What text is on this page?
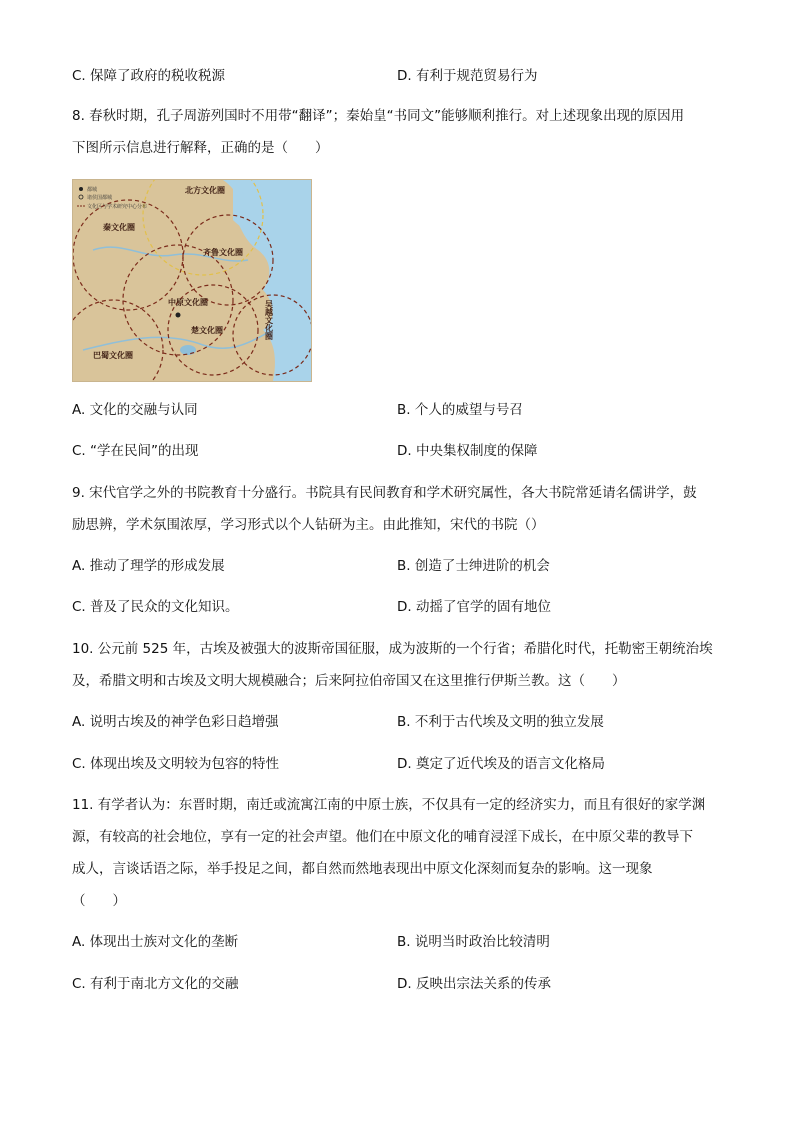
C. 保障了政府的税收税源	D. 有利于规范贸易行为
8. 春秋时期，孔子周游列国时不用带“翻译”；秦始皇“书同文”能够顺利推行。对上述现象出现的原因用
下图所示信息进行解释，正确的是（　　）
都城
诸侯国都城
文化区与学术研究中心分布
北方文化圈
秦文化圈
齐鲁文化圈
中原文化圈
楚文化圈
巴蜀文化圈
吴越文化圈
A. 文化的交融与认同	B. 个人的威望与号召
C. “学在民间”的出现	D. 中央集权制度的保障
9. 宋代官学之外的书院教育十分盛行。书院具有民间教育和学术研究属性，各大书院常延请名儒讲学，鼓
励思辨，学术氛围浓厚，学习形式以个人钻研为主。由此推知，宋代的书院（）
A. 推动了理学的形成发展	B. 创造了士绅进阶的机会
C. 普及了民众的文化知识。	D. 动摇了官学的固有地位
10. 公元前 525 年，古埃及被强大的波斯帝国征服，成为波斯的一个行省；希腊化时代，托勒密王朝统治埃
及，希腊文明和古埃及文明大规模融合；后来阿拉伯帝国又在这里推行伊斯兰教。这（　　）
A. 说明古埃及的神学色彩日趋增强	B. 不利于古代埃及文明的独立发展
C. 体现出埃及文明较为包容的特性	D. 奠定了近代埃及的语言文化格局
11. 有学者认为：东晋时期，南迁或流寓江南的中原士族，不仅具有一定的经济实力，而且有很好的家学渊
源，有较高的社会地位，享有一定的社会声望。他们在中原文化的哺育浸淫下成长，在中原父辈的教导下
成人，言谈话语之际，举手投足之间，都自然而然地表现出中原文化深刻而复杂的影响。这一现象
（　　）
A. 体现出士族对文化的垄断	B. 说明当时政治比较清明
C. 有利于南北方文化的交融	D. 反映出宗法关系的传承
